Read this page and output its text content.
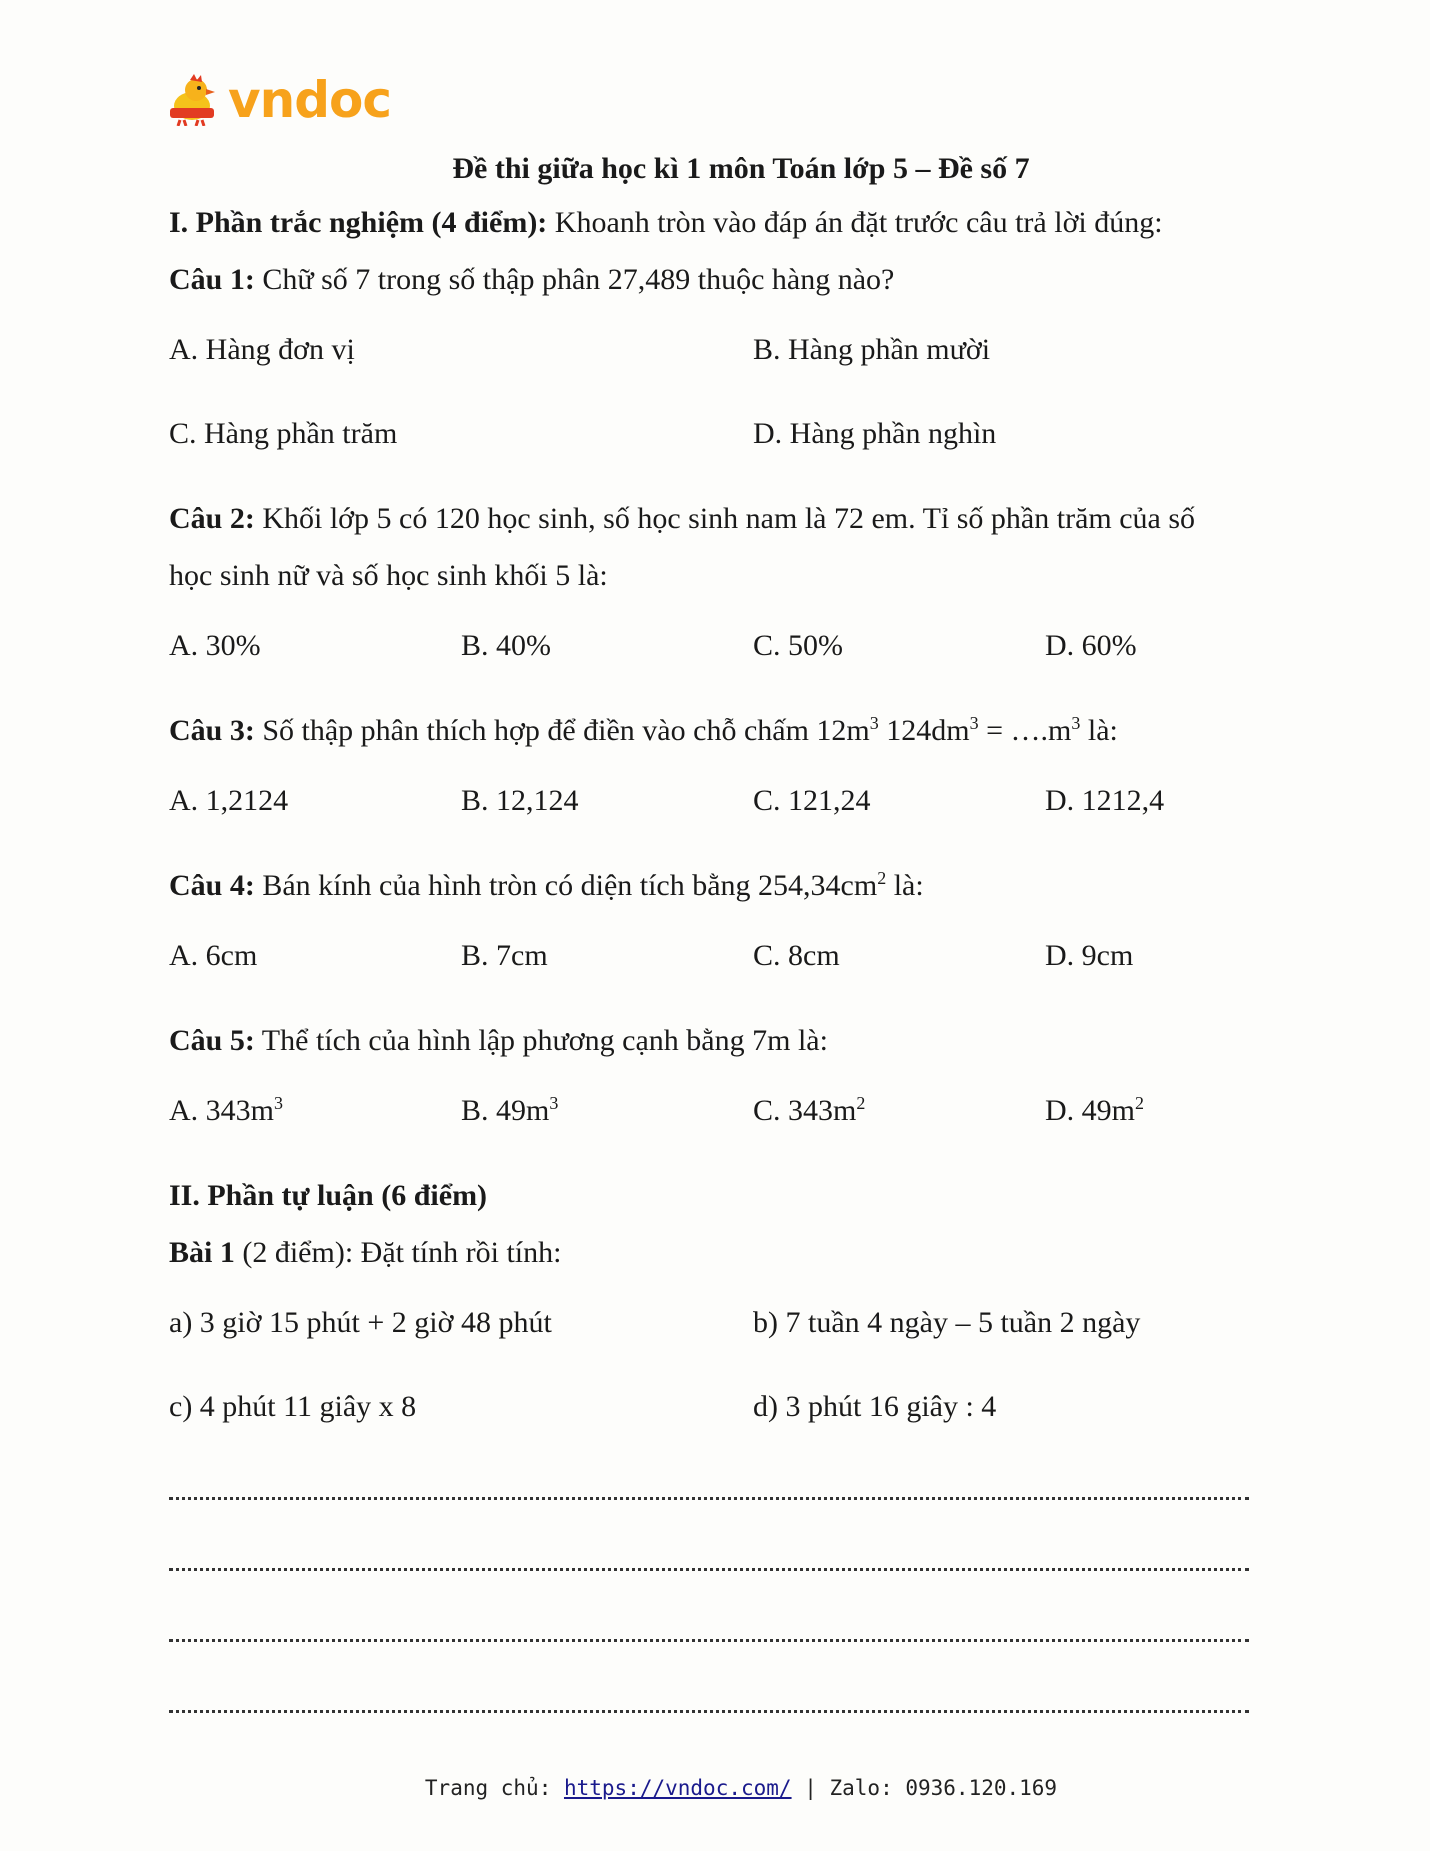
vndoc
Đề thi giữa học kì 1 môn Toán lớp 5 – Đề số 7
I. Phần trắc nghiệm (4 điểm): Khoanh tròn vào đáp án đặt trước câu trả lời đúng:
Câu 1: Chữ số 7 trong số thập phân 27,489 thuộc hàng nào?
A. Hàng đơn vị	B. Hàng phần mười
C. Hàng phần trăm	D. Hàng phần nghìn
Câu 2: Khối lớp 5 có 120 học sinh, số học sinh nam là 72 em. Tỉ số phần trăm của số
học sinh nữ và số học sinh khối 5 là:
A. 30%	B. 40%	C. 50%	D. 60%
Câu 3: Số thập phân thích hợp để điền vào chỗ chấm $12m^3$ $124dm^3$ = $\dots.m^3$ là:
A. 1,2124	B. 12,124	C. 121,24	D. 1212,4
Câu 4: Bán kính của hình tròn có diện tích bằng $254,34cm^2$ là:
A. 6cm	B. 7cm	C. 8cm	D. 9cm
Câu 5: Thể tích của hình lập phương cạnh bằng 7m là:
A. $343m^3$	B. $49m^3$	C. $343m^2$	D. $49m^2$
II. Phần tự luận (6 điểm)
Bài 1 (2 điểm): Đặt tính rồi tính:
a) 3 giờ 15 phút + 2 giờ 48 phút	b) 7 tuần 4 ngày – 5 tuần 2 ngày
c) 4 phút 11 giây x 8	d) 3 phút 16 giây : 4
Trang chủ: https://vndoc.com/ | Zalo: 0936.120.169
